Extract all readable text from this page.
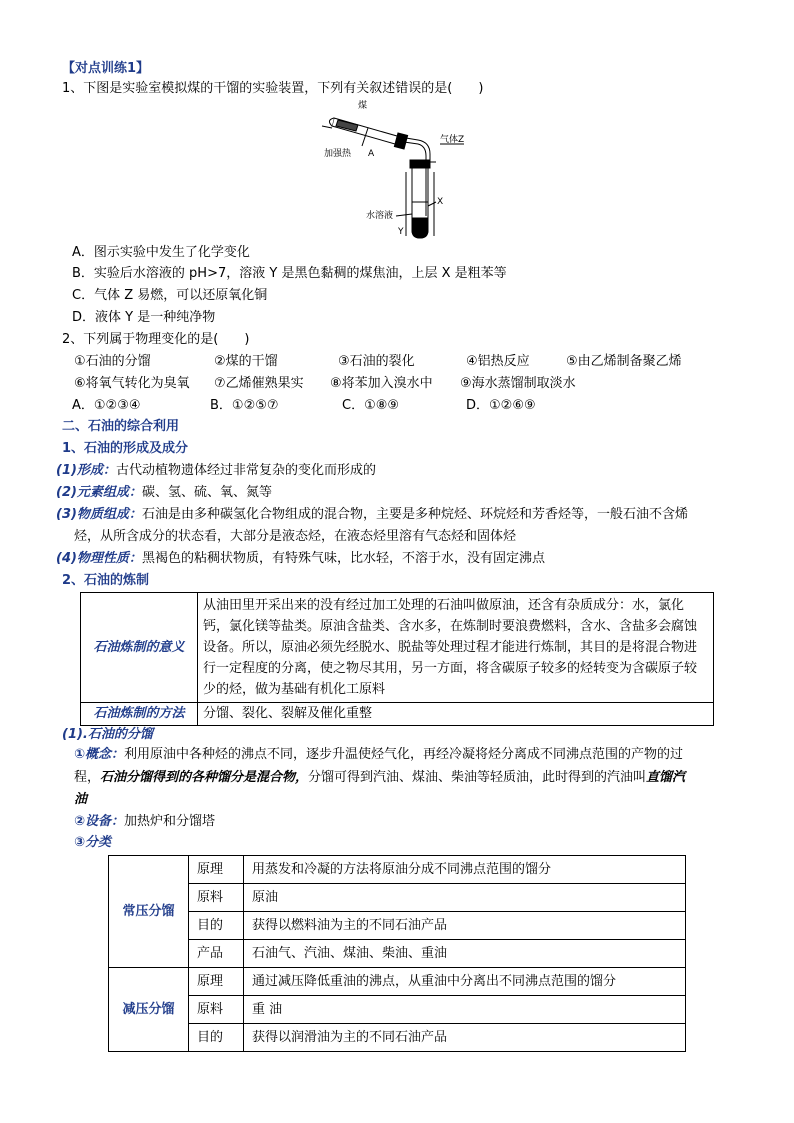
【对点训练1】
1、下图是实验室模拟煤的干馏的实验装置，下列有关叙述错误的是(　　)
煤
加强热 A
气体Z
X
水溶液
Y
A．图示实验中发生了化学变化
B．实验后水溶液的 pH>7，溶液 Y 是黑色黏稠的煤焦油，上层 X 是粗苯等
C．气体 Z 易燃，可以还原氧化铜
D．液体 Y 是一种纯净物
2、下列属于物理变化的是(　　)
①石油的分馏	②煤的干馏	③石油的裂化	④铝热反应	⑤由乙烯制备聚乙烯
⑥将氧气转化为臭氧 ⑦乙烯催熟果实 ⑧将苯加入溴水中 ⑨海水蒸馏制取淡水
A．①②③④	B．①②⑤⑦	C．①⑧⑨	D．①②⑥⑨
二、石油的综合利用
1、石油的形成及成分
(1)形成：古代动植物遗体经过非常复杂的变化而形成的
(2)元素组成：碳、氢、硫、氧、氮等
(3)物质组成：石油是由多种碳氢化合物组成的混合物，主要是多种烷烃、环烷烃和芳香烃等，一般石油不含烯
烃，从所含成分的状态看，大部分是液态烃，在液态烃里溶有气态烃和固体烃
(4)物理性质：黑褐色的粘稠状物质，有特殊气味，比水轻，不溶于水，没有固定沸点
2、石油的炼制
石油炼制的意义	从油田里开采出来的没有经过加工处理的石油叫做原油，还含有杂质成分：水，氯化钙，氯化镁等盐类。原油含盐类、含水多，在炼制时要浪费燃料，含水、含盐多会腐蚀设备。所以，原油必须先经脱水、脱盐等处理过程才能进行炼制，其目的是将混合物进行一定程度的分离，使之物尽其用，另一方面，将含碳原子较多的烃转变为含碳原子较少的烃，做为基础有机化工原料
石油炼制的方法	分馏、裂化、裂解及催化重整
(1).石油的分馏
①概念：利用原油中各种烃的沸点不同，逐步升温使烃气化，再经冷凝将烃分离成不同沸点范围的产物的过
程，石油分馏得到的各种馏分是混合物，分馏可得到汽油、煤油、柴油等轻质油，此时得到的汽油叫直馏汽
油
②设备：加热炉和分馏塔
③分类
常压分馏	原理	用蒸发和冷凝的方法将原油分成不同沸点范围的馏分
	原料	原油
	目的	获得以燃料油为主的不同石油产品
	产品	石油气、汽油、煤油、柴油、重油
减压分馏	原理	通过减压降低重油的沸点，从重油中分离出不同沸点范围的馏分
	原料	重 油
	目的	获得以润滑油为主的不同石油产品
